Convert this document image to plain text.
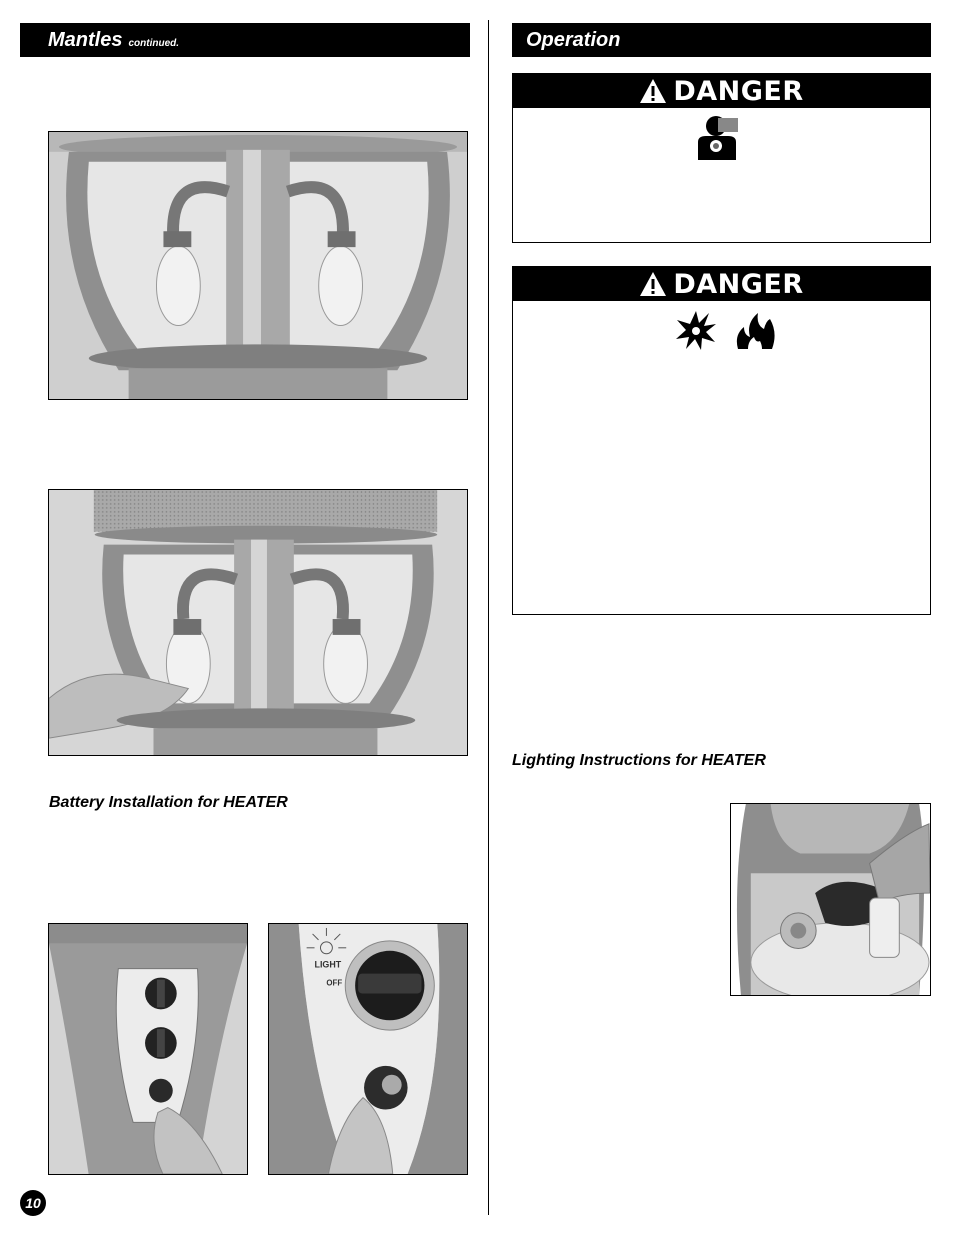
Mantles continued.	Operation
Battery Installation for HEATER
LIGHT
OFF
10
DANGER
DANGER
Lighting Instructions for HEATER
